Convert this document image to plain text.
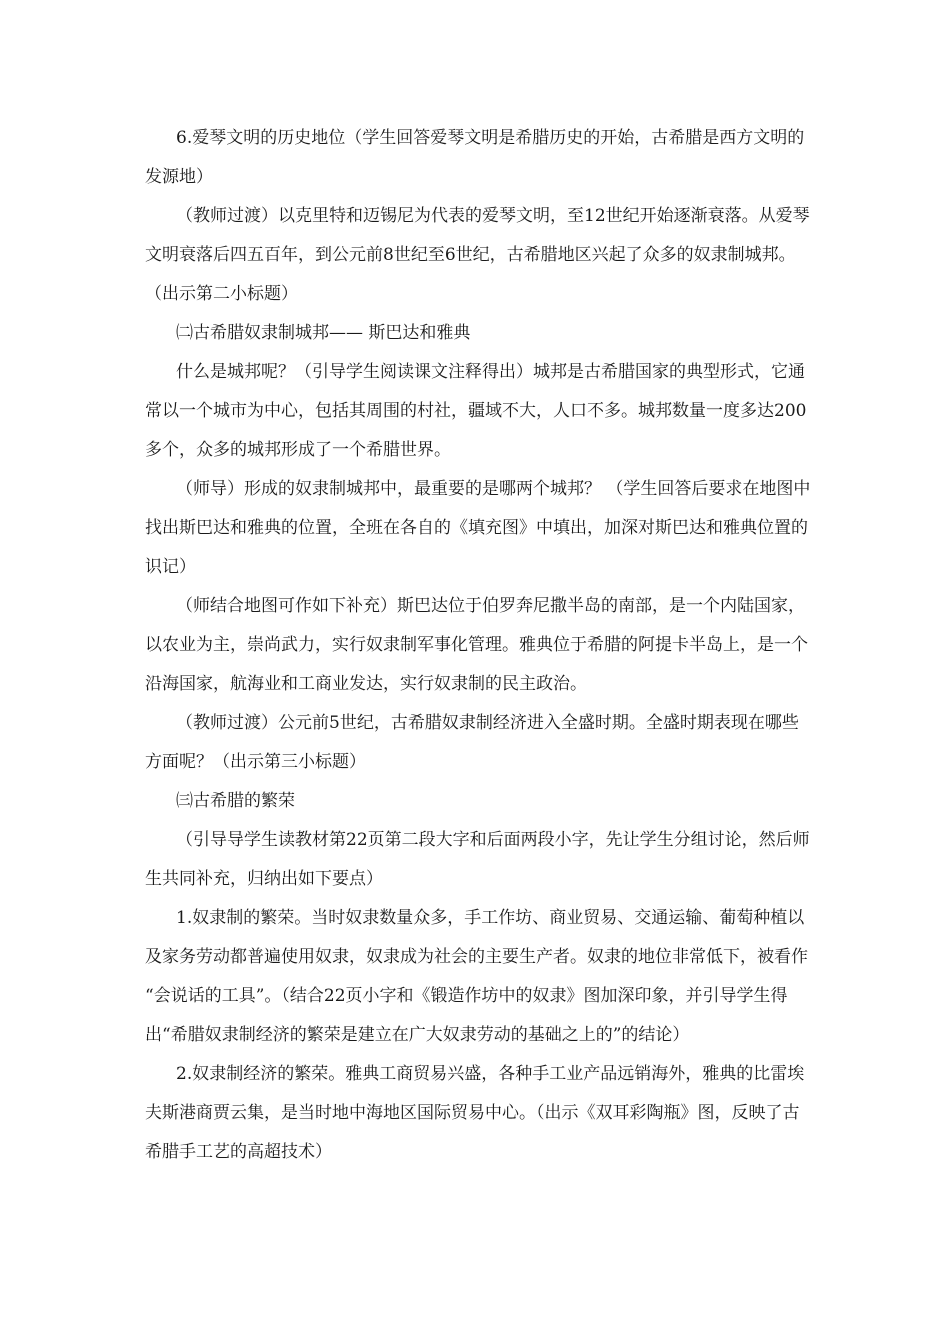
6.爱琴文明的历史地位（学生回答爱琴文明是希腊历史的开始，古希腊是西方文明的

发源地）

（教师过渡）以克里特和迈锡尼为代表的爱琴文明，至12世纪开始逐渐衰落。从爱琴

文明衰落后四五百年，到公元前8世纪至6世纪，古希腊地区兴起了众多的奴隶制城邦。

（出示第二小标题）

㈡古希腊奴隶制城邦—— 斯巴达和雅典

什么是城邦呢？（引导学生阅读课文注释得出）城邦是古希腊国家的典型形式，它通

常以一个城市为中心，包括其周围的村社，疆域不大，人口不多。城邦数量一度多达200

多个，众多的城邦形成了一个希腊世界。

（师导）形成的奴隶制城邦中，最重要的是哪两个城邦？ （学生回答后要求在地图中

找出斯巴达和雅典的位置，全班在各自的《填充图》中填出，加深对斯巴达和雅典位置的

识记）

（师结合地图可作如下补充）斯巴达位于伯罗奔尼撒半岛的南部，是一个内陆国家，

以农业为主，崇尚武力，实行奴隶制军事化管理。雅典位于希腊的阿提卡半岛上，是一个

沿海国家，航海业和工商业发达，实行奴隶制的民主政治。

（教师过渡）公元前5世纪，古希腊奴隶制经济进入全盛时期。全盛时期表现在哪些

方面呢？（出示第三小标题）

㈢古希腊的繁荣

（引导导学生读教材第22页第二段大字和后面两段小字，先让学生分组讨论，然后师

生共同补充，归纳出如下要点）

1.奴隶制的繁荣。当时奴隶数量众多，手工作坊、商业贸易、交通运输、葡萄种植以

及家务劳动都普遍使用奴隶，奴隶成为社会的主要生产者。奴隶的地位非常低下，被看作

“会说话的工具”。（结合22页小字和《锻造作坊中的奴隶》图加深印象，并引导学生得

出“希腊奴隶制经济的繁荣是建立在广大奴隶劳动的基础之上的”的结论）

2.奴隶制经济的繁荣。雅典工商贸易兴盛，各种手工业产品远销海外，雅典的比雷埃

夫斯港商贾云集，是当时地中海地区国际贸易中心。（出示《双耳彩陶瓶》图，反映了古

希腊手工艺的高超技术）
